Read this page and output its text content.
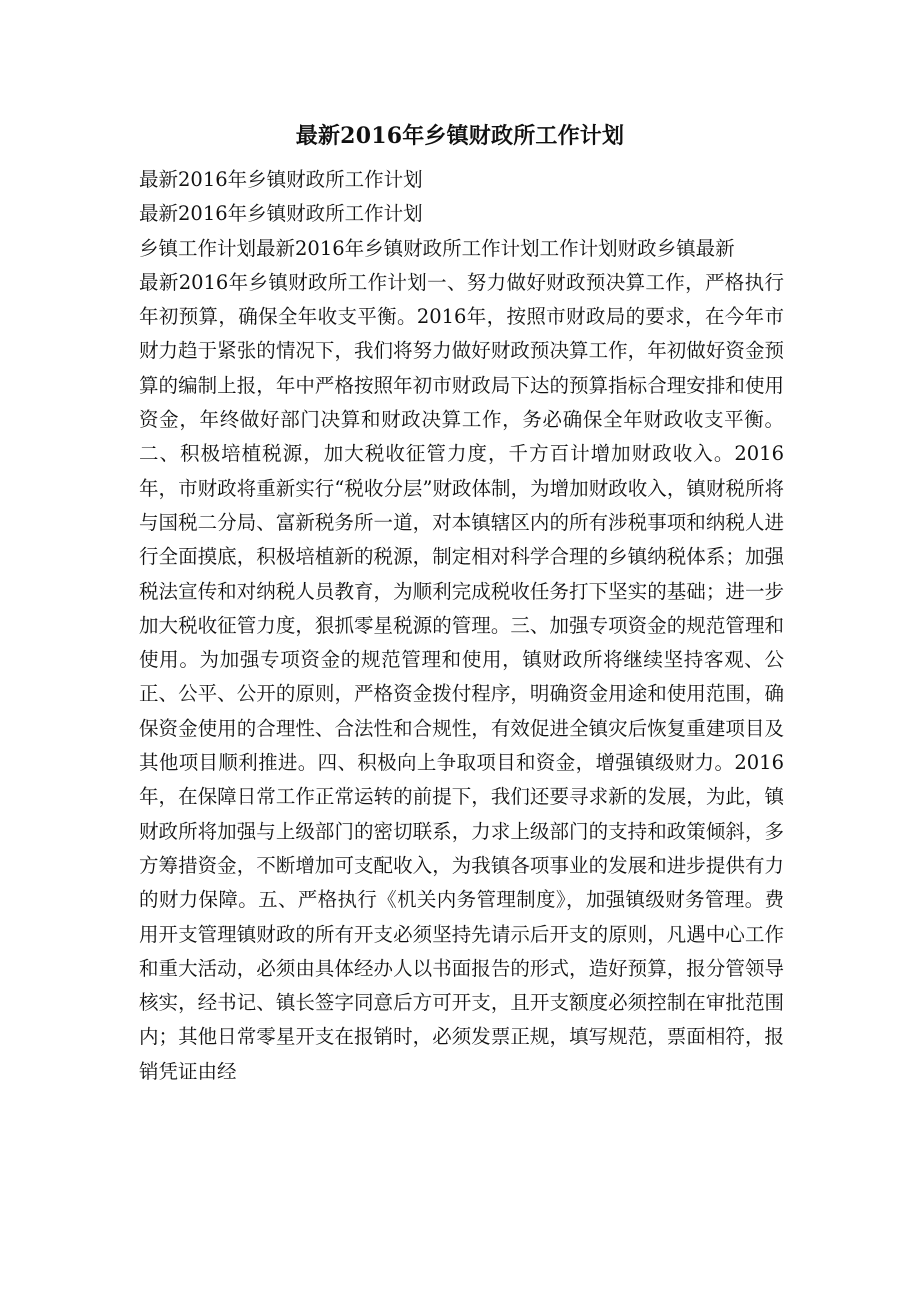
最新2016年乡镇财政所工作计划

最新2016年乡镇财政所工作计划

最新2016年乡镇财政所工作计划

乡镇工作计划最新2016年乡镇财政所工作计划工作计划财政乡镇最新

最新2016年乡镇财政所工作计划一、努力做好财政预决算工作，严格执行年初预算，确保全年收支平衡。2016年，按照市财政局的要求，在今年市财力趋于紧张的情况下，我们将努力做好财政预决算工作，年初做好资金预算的编制上报，年中严格按照年初市财政局下达的预算指标合理安排和使用资金，年终做好部门决算和财政决算工作，务必确保全年财政收支平衡。二、积极培植税源，加大税收征管力度，千方百计增加财政收入。2016年，市财政将重新实行“税收分层”财政体制，为增加财政收入，镇财税所将与国税二分局、富新税务所一道，对本镇辖区内的所有涉税事项和纳税人进行全面摸底，积极培植新的税源，制定相对科学合理的乡镇纳税体系；加强税法宣传和对纳税人员教育，为顺利完成税收任务打下坚实的基础；进一步加大税收征管力度，狠抓零星税源的管理。三、加强专项资金的规范管理和使用。为加强专项资金的规范管理和使用，镇财政所将继续坚持客观、公正、公平、公开的原则，严格资金拨付程序，明确资金用途和使用范围，确保资金使用的合理性、合法性和合规性，有效促进全镇灾后恢复重建项目及其他项目顺利推进。四、积极向上争取项目和资金，增强镇级财力。2016年，在保障日常工作正常运转的前提下，我们还要寻求新的发展，为此，镇财政所将加强与上级部门的密切联系，力求上级部门的支持和政策倾斜，多方筹措资金，不断增加可支配收入，为我镇各项事业的发展和进步提供有力的财力保障。五、严格执行《机关内务管理制度》，加强镇级财务管理。费用开支管理镇财政的所有开支必须坚持先请示后开支的原则，凡遇中心工作和重大活动，必须由具体经办人以书面报告的形式，造好预算，报分管领导核实，经书记、镇长签字同意后方可开支，且开支额度必须控制在审批范围内；其他日常零星开支在报销时，必须发票正规，填写规范，票面相符，报销凭证由经
